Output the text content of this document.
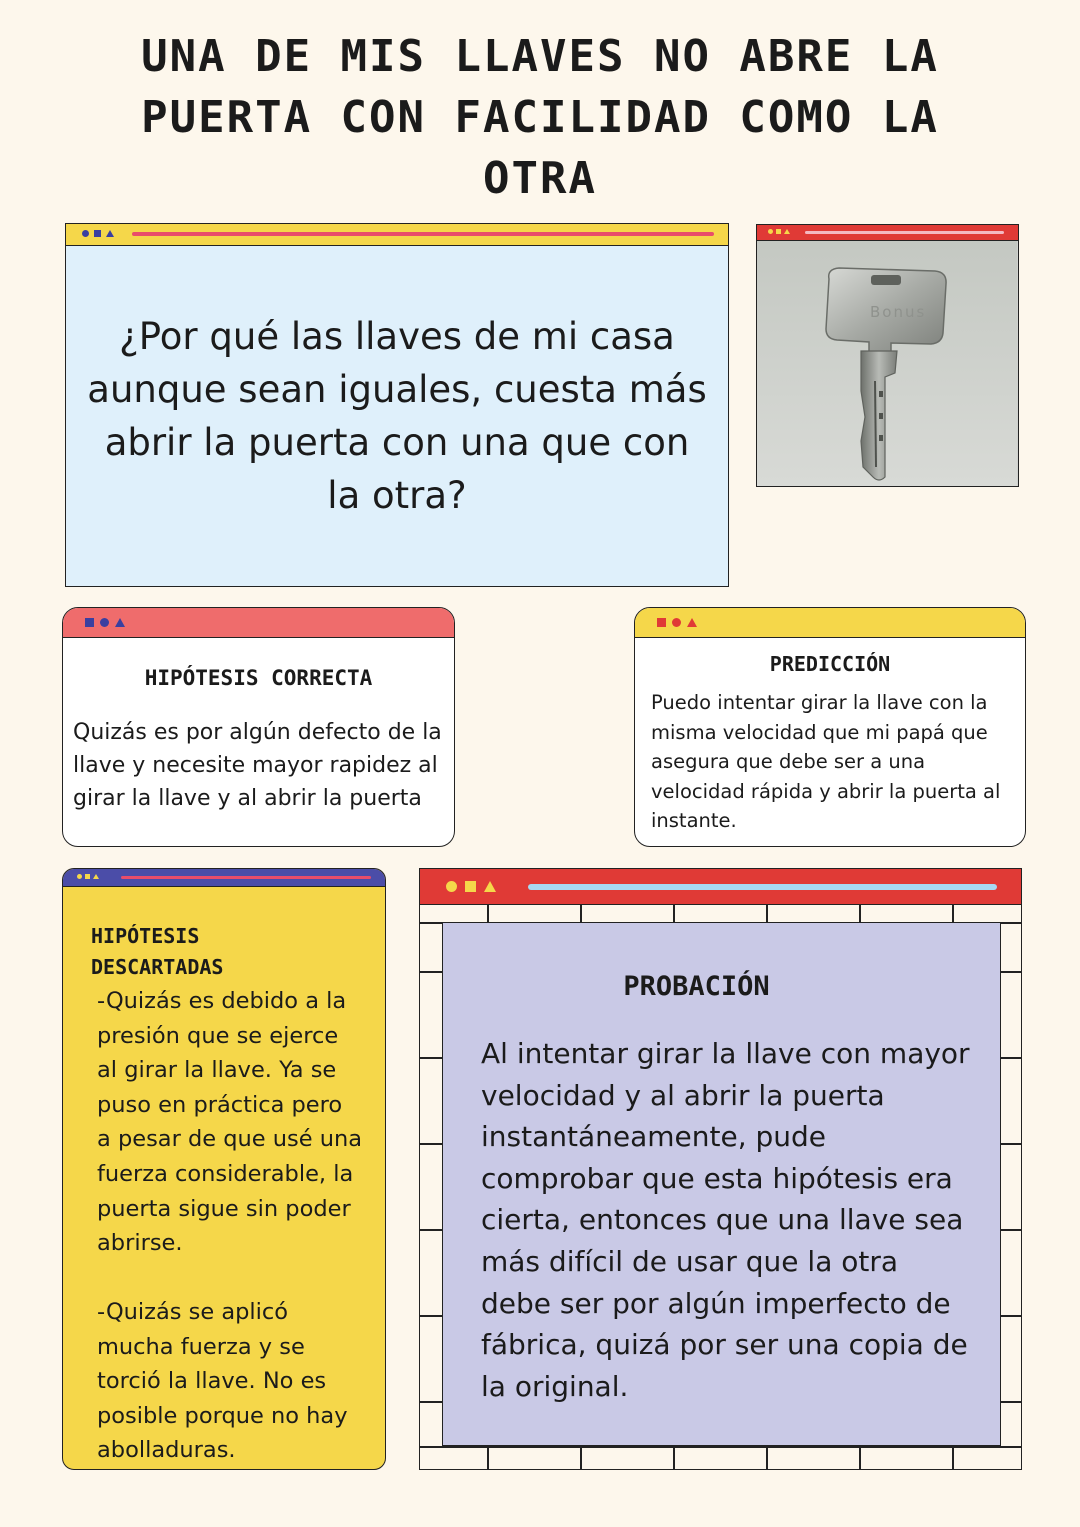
UNA DE MIS LLAVES NO ABRE LA PUERTA CON FACILIDAD COMO LA OTRA
¿Por qué las llaves de mi casa aunque sean iguales, cuesta más abrir la puerta con una que con la otra?
Bonus
HIPÓTESIS CORRECTA
Quizás es por algún defecto de la llave y necesite mayor rapidez al girar la llave y al abrir la puerta
PREDICCIÓN
Puedo intentar girar la llave con la misma velocidad que mi papá que asegura que debe ser a una velocidad rápida y abrir la puerta al instante.
HIPÓTESIS DESCARTADAS
-Quizás es debido a la presión que se ejerce al girar la llave. Ya se puso en práctica pero a pesar de que usé una fuerza considerable, la puerta sigue sin poder abrirse.
-Quizás se aplicó mucha fuerza y se torció la llave. No es posible porque no hay abolladuras.
PROBACIÓN
Al intentar girar la llave con mayor velocidad y al abrir la puerta instantáneamente, pude comprobar que esta hipótesis era cierta, entonces que una llave sea más difícil de usar que la otra debe ser por algún imperfecto de fábrica, quizá por ser una copia de la original.
